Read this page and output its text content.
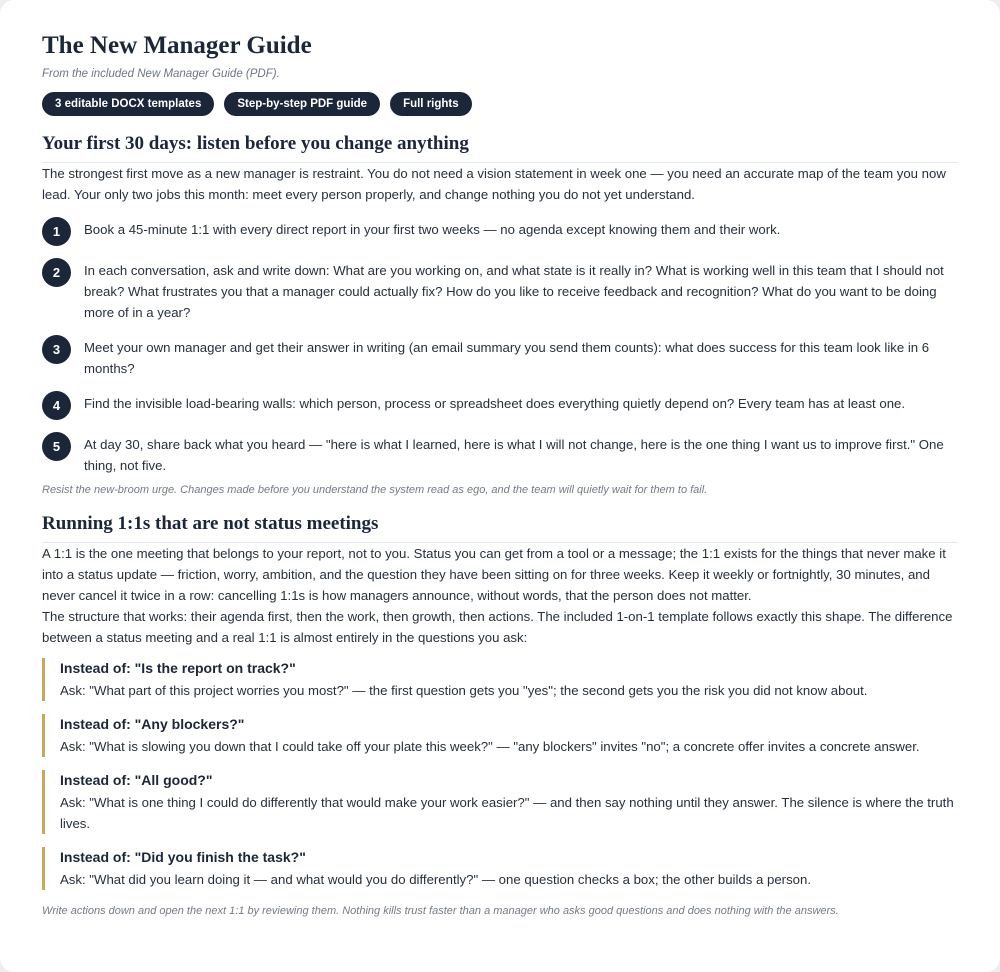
The New Manager Guide
From the included New Manager Guide (PDF).
3 editable DOCX templates	Step-by-step PDF guide	Full rights
Your first 30 days: listen before you change anything

The strongest first move as a new manager is restraint. You do not need a vision statement in week one — you need an accurate map of the team you now lead. Your only two jobs this month: meet every person properly, and change nothing you do not yet understand.

1	Book a 45-minute 1:1 with every direct report in your first two weeks — no agenda except knowing them and their work.
2	In each conversation, ask and write down: What are you working on, and what state is it really in? What is working well in this team that I should not break? What frustrates you that a manager could actually fix? How do you like to receive feedback and recognition? What do you want to be doing more of in a year?
3	Meet your own manager and get their answer in writing (an email summary you send them counts): what does success for this team look like in 6 months?
4	Find the invisible load-bearing walls: which person, process or spreadsheet does everything quietly depend on? Every team has at least one.
5	At day 30, share back what you heard — "here is what I learned, here is what I will not change, here is the one thing I want us to improve first." One thing, not five.
Resist the new-broom urge. Changes made before you understand the system read as ego, and the team will quietly wait for them to fail.
Running 1:1s that are not status meetings

A 1:1 is the one meeting that belongs to your report, not to you. Status you can get from a tool or a message; the 1:1 exists for the things that never make it into a status update — friction, worry, ambition, and the question they have been sitting on for three weeks. Keep it weekly or fortnightly, 30 minutes, and never cancel it twice in a row: cancelling 1:1s is how managers announce, without words, that the person does not matter.

The structure that works: their agenda first, then the work, then growth, then actions. The included 1-on-1 template follows exactly this shape. The difference between a status meeting and a real 1:1 is almost entirely in the questions you ask:

Instead of: "Is the report on track?"
Ask: "What part of this project worries you most?" — the first question gets you "yes"; the second gets you the risk you did not know about.
Instead of: "Any blockers?"
Ask: "What is slowing you down that I could take off your plate this week?" — "any blockers" invites "no"; a concrete offer invites a concrete answer.
Instead of: "All good?"
Ask: "What is one thing I could do differently that would make your work easier?" — and then say nothing until they answer. The silence is where the truth lives.
Instead of: "Did you finish the task?"
Ask: "What did you learn doing it — and what would you do differently?" — one question checks a box; the other builds a person.
Write actions down and open the next 1:1 by reviewing them. Nothing kills trust faster than a manager who asks good questions and does nothing with the answers.
